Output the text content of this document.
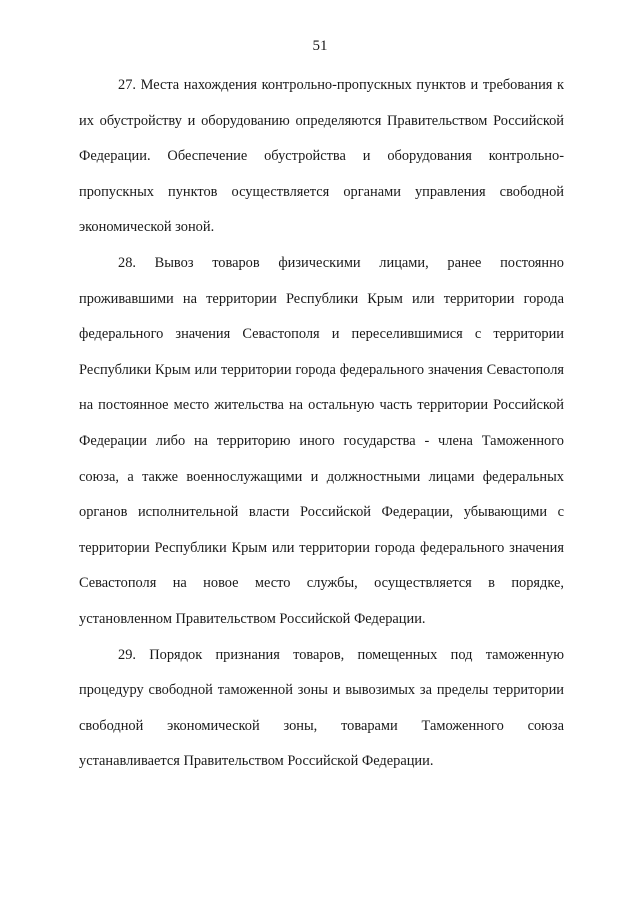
51

27. Места нахождения контрольно-пропускных пунктов и требования к их обустройству и оборудованию определяются Правительством Российской Федерации. Обеспечение обустройства и оборудования контрольно-пропускных пунктов осуществляется органами управления свободной экономической зоной.

28. Вывоз товаров физическими лицами, ранее постоянно проживавшими на территории Республики Крым или территории города федерального значения Севастополя и переселившимися с территории Республики Крым или территории города федерального значения Севастополя на постоянное место жительства на остальную часть территории Российской Федерации либо на территорию иного государства - члена Таможенного союза, а также военнослужащими и должностными лицами федеральных органов исполнительной власти Российской Федерации, убывающими с территории Республики Крым или территории города федерального значения Севастополя на новое место службы, осуществляется в порядке, установленном Правительством Российской Федерации.

29. Порядок признания товаров, помещенных под таможенную процедуру свободной таможенной зоны и вывозимых за пределы территории свободной экономической зоны, товарами Таможенного союза устанавливается Правительством Российской Федерации.
